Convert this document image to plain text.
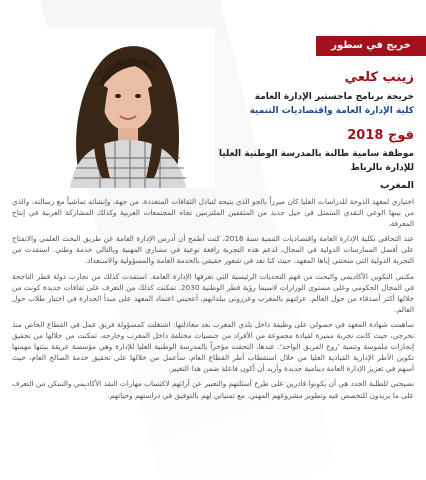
خريج في سطور
زينب كلعي
خريجة برنامج ماجستير الإدارة العامة
كلية الإدارة العامة واقتصاديات التنمية
فوج 2018
موظفة سامية طالبة بالمدرسة الوطنية العليا للإدارة بالرباط
المغرب

اختياري لمعهد الدوحة للدراسات العليا كان مبرراً بالجو الذي يتيحه لتبادل الثقافات المتعددة، من جهة، وإنشائه تماشياً مع رسالته، والذي من بينها الوعي النقدي المتمثل في جيل جديد من المثقفين الملتزمين تجاه المجتمعات العربية وكذلك المشاركة العربية في إنتاج المعرفة.

عند التحاقي بكلية الإدارة العامة واقتصاديات التنمية سنة 2016، كنت أطمح أن أدرس الإدارة العامة عن طريق البحث العلمي والانفتاح على أفضل الممارسات الدولية في المجال، لدعم هذه التجربة رافعة نوعية في مساري المهنية وبالتالي خدمة وطني. استفدت من التجربة الدولية التي منحتني إياها المعهد، حيث كنا نعد في شعور حقيقي بالخدمة العامة والمسؤولية والاستعداد.

مكنني التكوين الأكاديمي والبحث من فهم التحديات الرئيسية التي تعرفها الإدارة العامة. استفدت كذلك من تجارب دولة قطر الناجحة في المجال الحكومي وعلى مستوى الوزارات لاسيما رؤية قطر الوطنية 2030. تمكنت كذلك من التعرف على ثقافات جديدة كونت من خلالها أكثر أصدقاء من حول العالم. عزلتهم بالمغرب وعززوني ببلدانهم، أعجبني اعتماد المعهد على مبدأ الجدارة في اختيار طلاب حول العالم.

ساهمت شهادة المعهد في حصولي على وظيفة داخل بلدي المغرب بعد معادلتها. اشتغلت كمسؤولة فريق عمل في القطاع الخاص منذ تخرجي، حيث كانت تجربة مميزة لقيادة مجموعة من الأفراد من جنسيات مختلفة داخل المغرب وخارجه، تمكنت من خلالها من تحقيق إنجازات ملموسة وتنمية 'روح الفريق الواحد'. عندها، التحقت مؤخراً بالمدرسة الوطنية العليا للإدارة وهي مؤسسة عريقة بيئتها مهمتها تكوين الأطر الإدارية القيادية العليا من خلال استقطاب أطر القطاع العام. سأعمل من خلالها على تحقيق خدمة الصالح العام، حيث أسهم في تعزيز الإدارة العامة دينامية جديدة وأريد أن أكون فاعلة ضمن هذا التغيير.

نصيحتي للطلبة الجدد هي أن يكونوا قادرين على طرح أسئلتهم والتعبير عن آرائهم لاكتساب مهارات النقد الأكاديمي والتمكن من التعرف على ما يريدون للتخصص فيه وتطوير مشروعهم المهني. مع تمنياتي لهم بالتوفيق في دراستهم وحياتهم.
